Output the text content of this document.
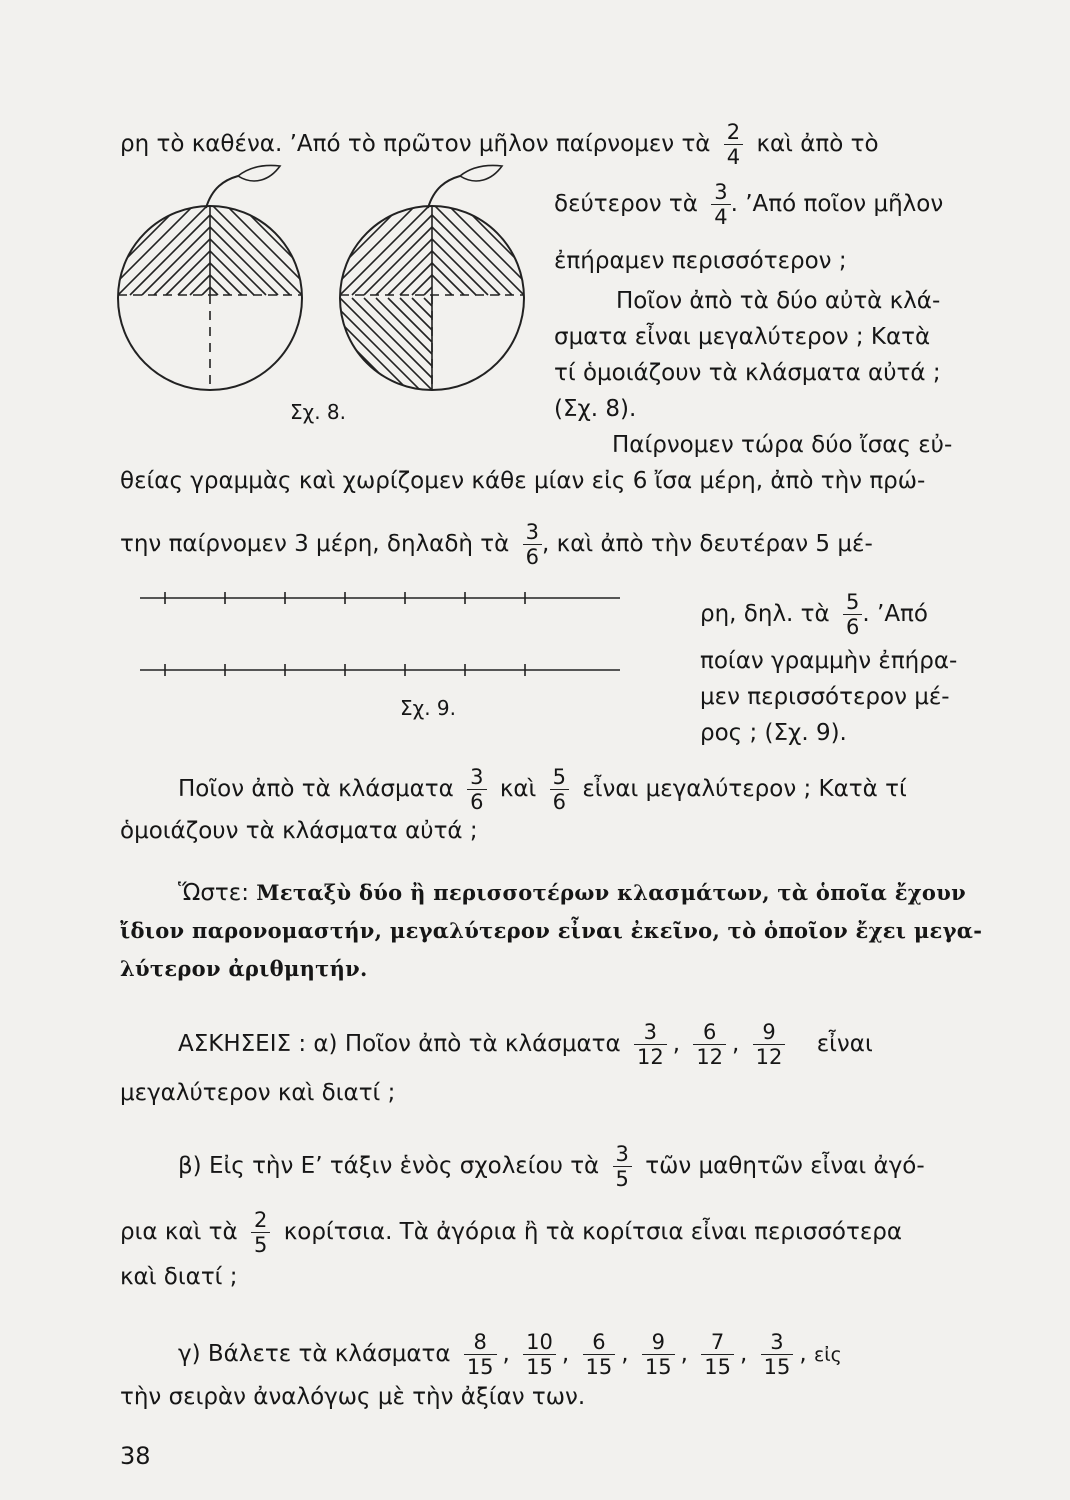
ρη τὸ καθένα. ’Από τὸ πρῶτον μῆλον παίρνομεν τὰ $\frac{2}{4}$ καὶ ἀπὸ τὸ
Σχ. 8.
δεύτερον τὰ $\frac{3}{4}$ . ’Από ποῖον μῆλον
ἐπήραμεν περισσότερον ;
Ποῖον ἀπὸ τὰ δύο αὐτὰ κλά-
σματα εἶναι μεγαλύτερον ; Κατὰ
τί ὁμοιάζουν τὰ κλάσματα αὐτά ;
(Σχ. 8).
Παίρνομεν τώρα δύο ἴσας εὐ-
θείας γραμμὰς καὶ χωρίζομεν κάθε μίαν εἰς 6 ἴσα μέρη, ἀπὸ τὴν πρώ-
την παίρνομεν 3 μέρη, δηλαδὴ τὰ $\frac{3}{6}$ , καὶ ἀπὸ τὴν δευτέραν 5 μέ-
Σχ. 9.
ρη, δηλ. τὰ $\frac{5}{6}$ . ’Από
ποίαν γραμμὴν ἐπήρα-
μεν περισσότερον μέ-
ρος ; (Σχ. 9).
Ποῖον ἀπὸ τὰ κλάσματα $\frac{3}{6}$ καὶ $\frac{5}{6}$ εἶναι μεγαλύτερον ; Κατὰ τί
ὁμοιάζουν τὰ κλάσματα αὐτά ;
Ὥστε: Μεταξὺ δύο ἢ περισσοτέρων κλασμάτων, τὰ ὁποῖα ἔχουν
ἴδιον παρονομαστήν, μεγαλύτερον εἶναι ἐκεῖνο, τὸ ὁποῖον ἔχει μεγα-
λύτερον ἀριθμητήν.
ΑΣΚΗΣΕΙΣ : α) Ποῖον ἀπὸ τὰ κλάσματα $\frac{3}{12}$ , $\frac{6}{12}$ , $\frac{9}{12}$ εἶναι
μεγαλύτερον καὶ διατί ;
β) Εἰς τὴν Ε’ τάξιν ἑνὸς σχολείου τὰ $\frac{3}{5}$ τῶν μαθητῶν εἶναι ἀγό-
ρια καὶ τὰ $\frac{2}{5} \kappa o\rho ί\tau\sigma\iota\alpha$. Τὰ ἀγόρια ἢ τὰ κορίτσια εἶναι περισσότερα
καὶ διατί ;
γ) Βάλετε τὰ κλάσματα $\frac{8}{15}$ , $\frac{10}{15}$ , $\frac{6}{15}$ , $\frac{9}{15}$ , $\frac{7}{15}$ , $\frac{3}{15}$ , εἰς
τὴν σειρὰν ἀναλόγως μὲ τὴν ἀξίαν των.
38
